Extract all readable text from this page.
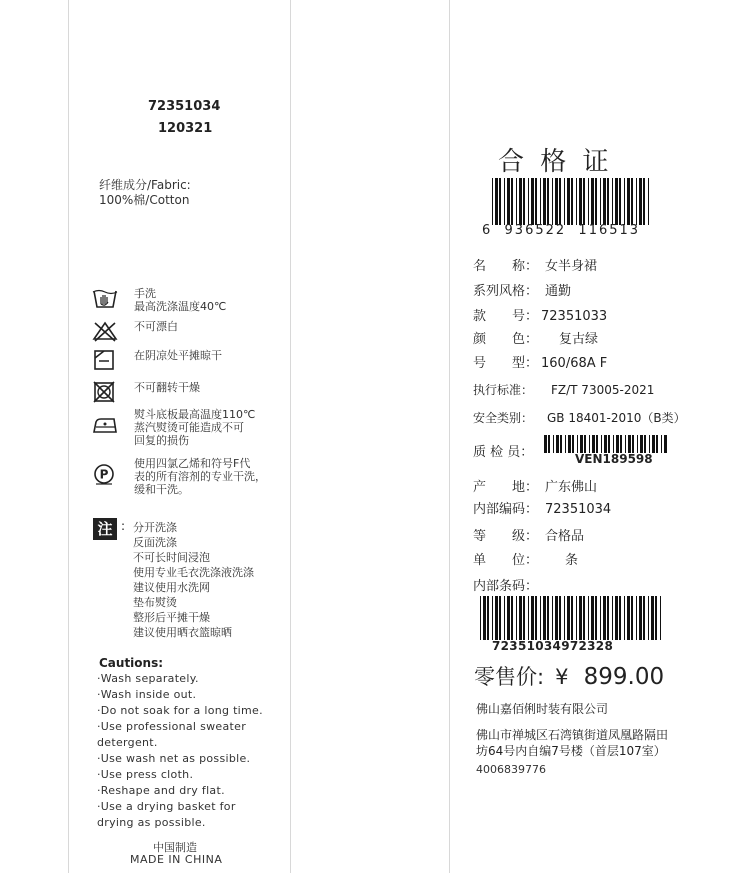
72351034
120321
纤维成分/Fabric:
100%棉/Cotton
手洗
最高洗涤温度40℃
不可漂白
在阴凉处平摊晾干
不可翻转干燥
熨斗底板最高温度110℃
蒸汽熨烫可能造成不可
回复的损伤
P
使用四氯乙烯和符号F代
表的所有溶剂的专业干洗，
缓和干洗。
注 : 分开洗涤
反面洗涤
不可长时间浸泡
使用专业毛衣洗涤液洗涤
建议使用水洗网
垫布熨烫
整形后平摊干燥
建议使用晒衣篮晾晒
Cautions:
·Wash separately.
·Wash inside out.
·Do not soak for a long time.
·Use professional sweater
detergent.
·Use wash net as possible.
·Use press cloth.
·Reshape and dry flat.
·Use a drying basket for
drying as possible.
中国制造
MADE IN CHINA
合 格 证
6  936522  116513
名　　称： 女半身裙
系列风格： 通勤
款　　号： 72351033
颜　　色： 复古绿
号　　型： 160/68A F
执行标准： FZ/T 73005-2021
安全类别： GB 18401-2010（B类）
质 检 员：	VEN189598
产　　地： 广东佛山
内部编码： 72351034
等　　级： 合格品
单　　位： 条
内部条码：
72351034972328
零售价: ¥ 899.00
佛山嘉佰俐时装有限公司
佛山市禅城区石湾镇街道凤凰路隔田
坊64号内自编7号楼（首层107室）
4006839776
